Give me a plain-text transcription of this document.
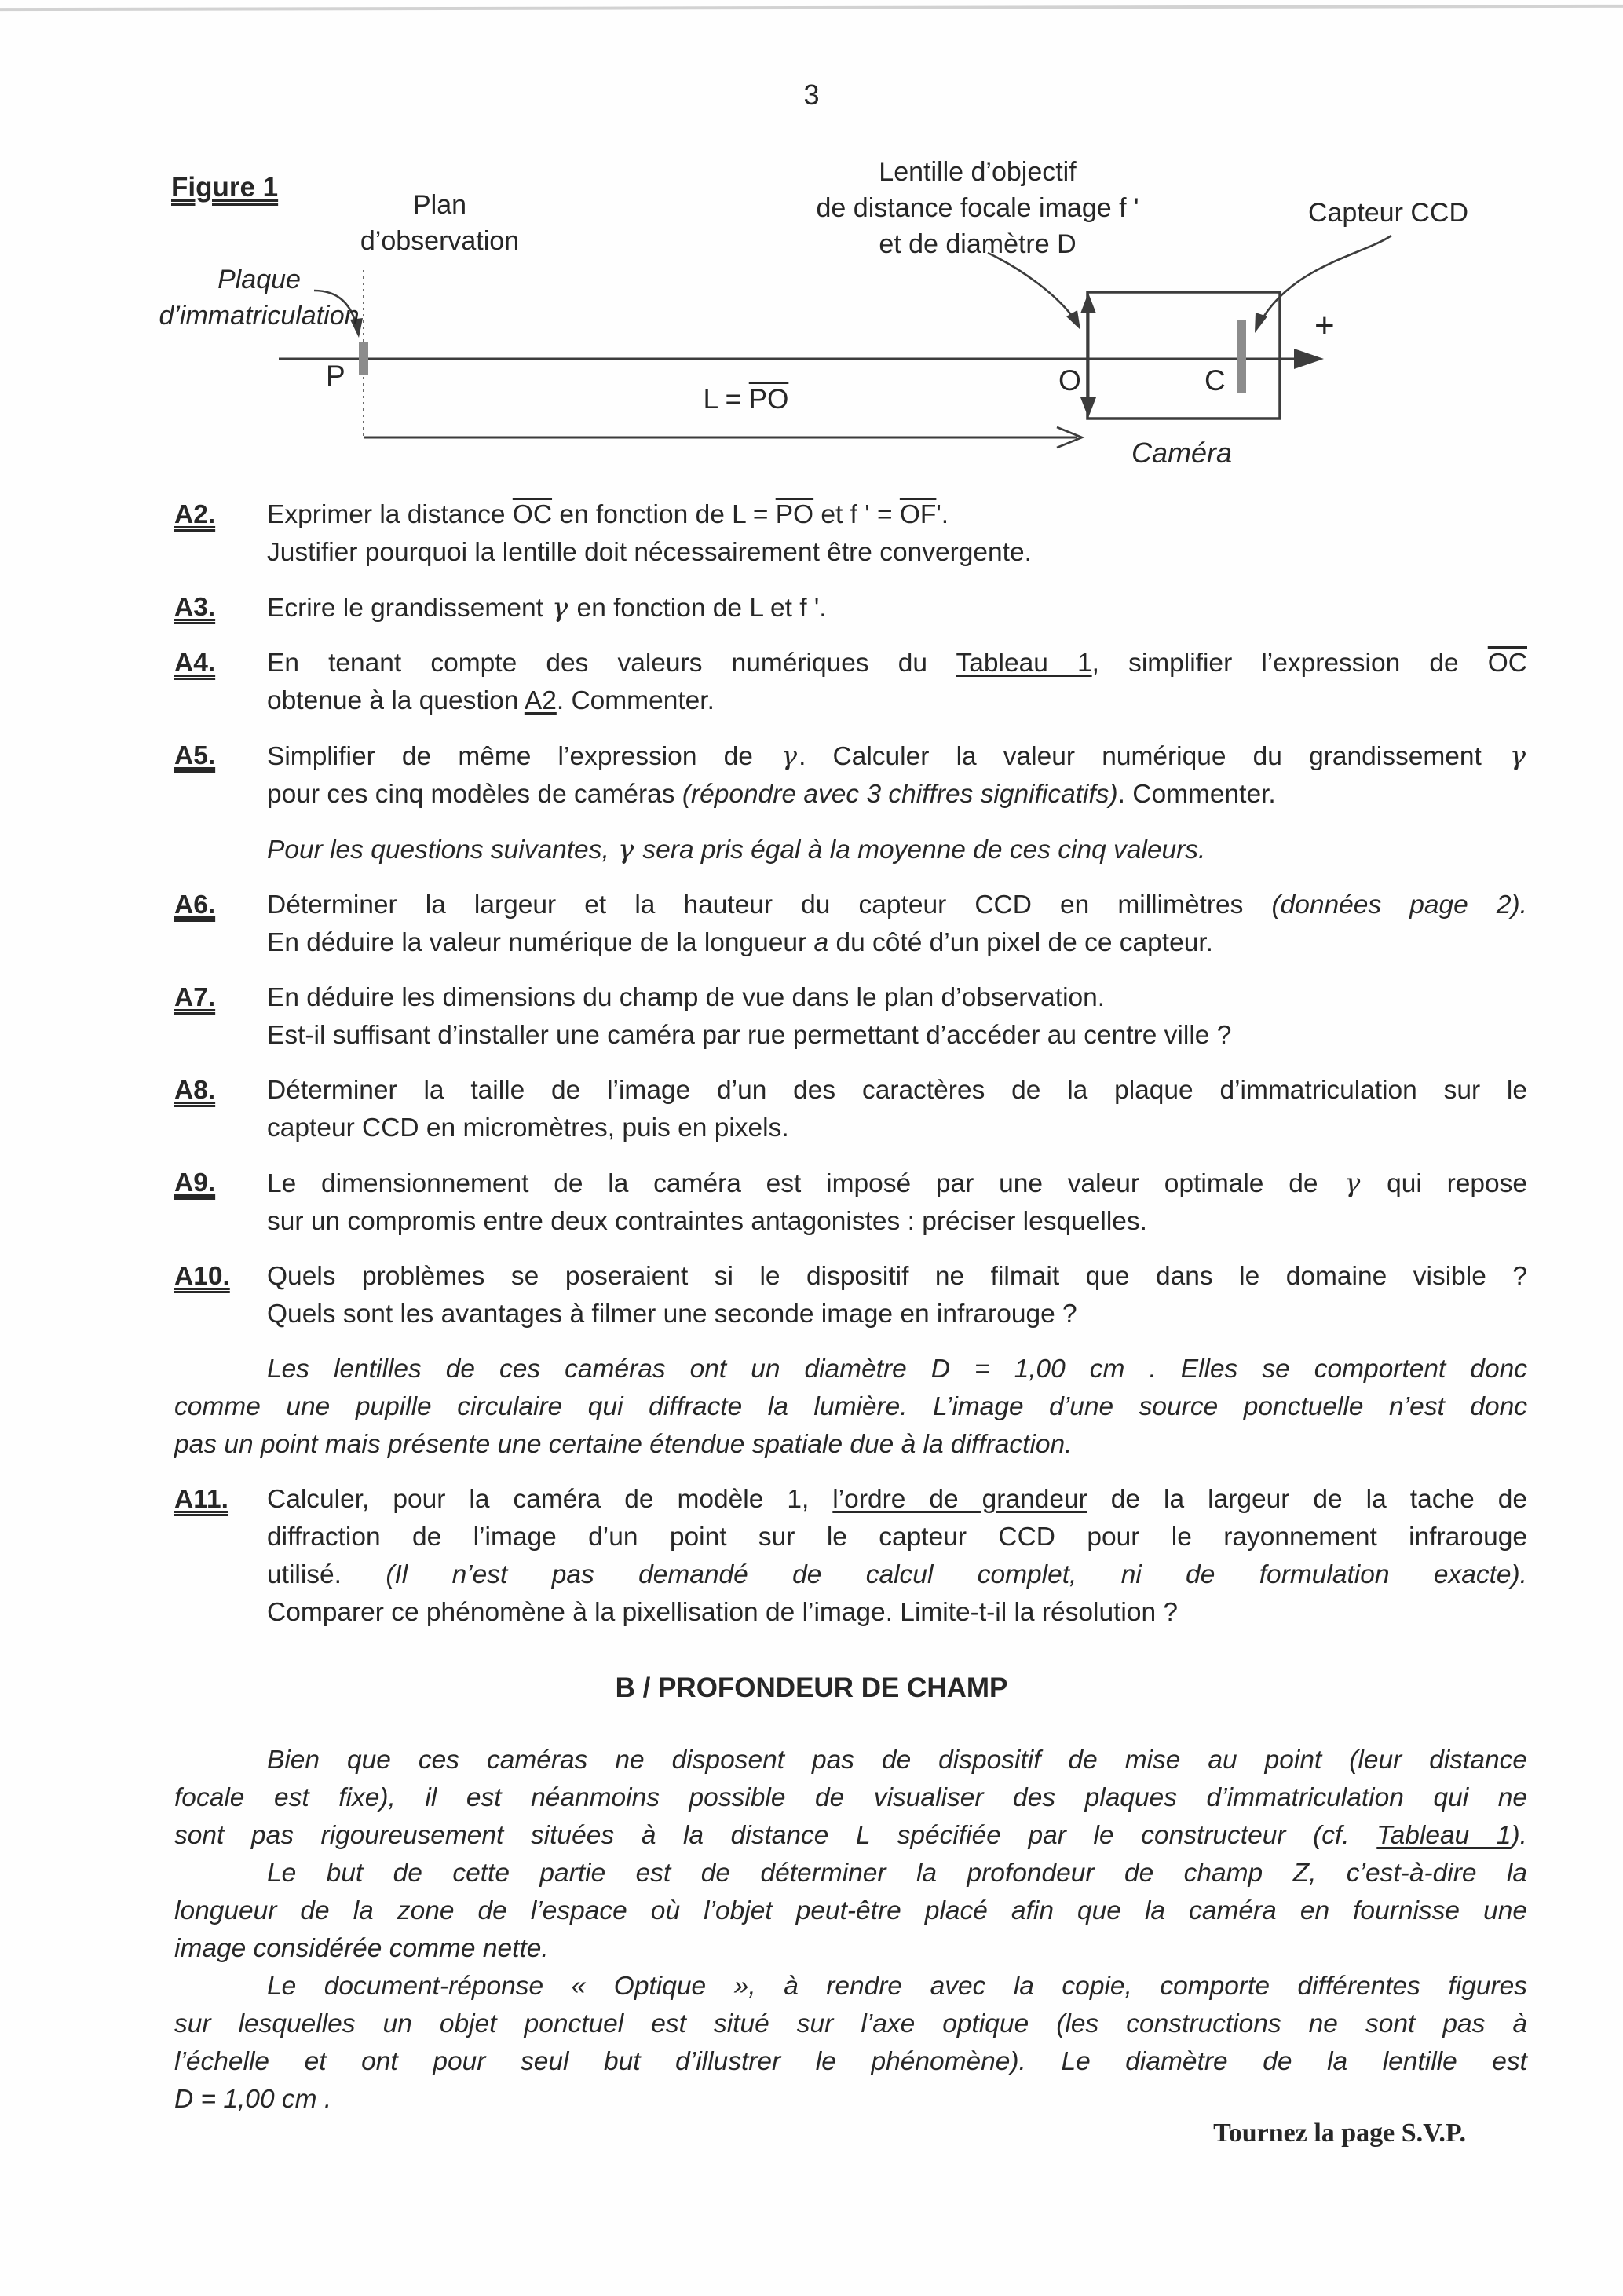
3
Figure 1
Plan
d’observation
Lentille d’objectif
de distance focale image f '
et de diamètre D
Capteur CCD
Plaque
d’immatriculation
P	O	C
+
$L = \overline{PO}$
Caméra
A2.	Exprimer la distance $\overline{OC}$ en fonction de $L = \overline{PO}$ et f ' = $\overline{OF}'$.
Justifier pourquoi la lentille doit nécessairement être convergente.
A3.	Ecrire le grandissement γ en fonction de L et f '.
A4.	En tenant compte des valeurs numériques du Tableau 1, simplifier l’expression de $\overline{OC}$
obtenue à la question A2. Commenter.
A5.	Simplifier de même l’expression de γ. Calculer la valeur numérique du grandissement γ
pour ces cinq modèles de caméras (répondre avec 3 chiffres significatifs). Commenter.
Pour les questions suivantes, γ sera pris égal à la moyenne de ces cinq valeurs.
A6.	Déterminer la largeur et la hauteur du capteur CCD en millimètres (données page 2).
En déduire la valeur numérique de la longueur a du côté d’un pixel de ce capteur.
A7.	En déduire les dimensions du champ de vue dans le plan d’observation.
Est-il suffisant d’installer une caméra par rue permettant d’accéder au centre ville ?
A8.	Déterminer la taille de l’image d’un des caractères de la plaque d’immatriculation sur le
capteur CCD en micromètres, puis en pixels.
A9.	Le dimensionnement de la caméra est imposé par une valeur optimale de γ qui repose
sur un compromis entre deux contraintes antagonistes : préciser lesquelles.
A10.	Quels problèmes se poseraient si le dispositif ne filmait que dans le domaine visible ?
Quels sont les avantages à filmer une seconde image en infrarouge ?
Les lentilles de ces caméras ont un diamètre D = 1,00 cm . Elles se comportent donc
comme une pupille circulaire qui diffracte la lumière. L’image d’une source ponctuelle n’est donc
pas un point mais présente une certaine étendue spatiale due à la diffraction.
A11.	Calculer, pour la caméra de modèle 1, l’ordre de grandeur de la largeur de la tache de
diffraction de l’image d’un point sur le capteur CCD pour le rayonnement infrarouge
utilisé. (Il n’est pas demandé de calcul complet, ni de formulation exacte).
Comparer ce phénomène à la pixellisation de l’image. Limite-t-il la résolution ?
B / PROFONDEUR DE CHAMP
Bien que ces caméras ne disposent pas de dispositif de mise au point (leur distance
focale est fixe), il est néanmoins possible de visualiser des plaques d’immatriculation qui ne
sont pas rigoureusement situées à la distance L spécifiée par le constructeur (cf. Tableau 1).
Le but de cette partie est de déterminer la profondeur de champ Z, c’est-à-dire la
longueur de la zone de l’espace où l’objet peut-être placé afin que la caméra en fournisse une
image considérée comme nette.
Le document-réponse « Optique », à rendre avec la copie, comporte différentes figures
sur lesquelles un objet ponctuel est situé sur l’axe optique (les constructions ne sont pas à
l’échelle et ont pour seul but d’illustrer le phénomène). Le diamètre de la lentille est
D = 1,00 cm .
Tournez la page S.V.P.
